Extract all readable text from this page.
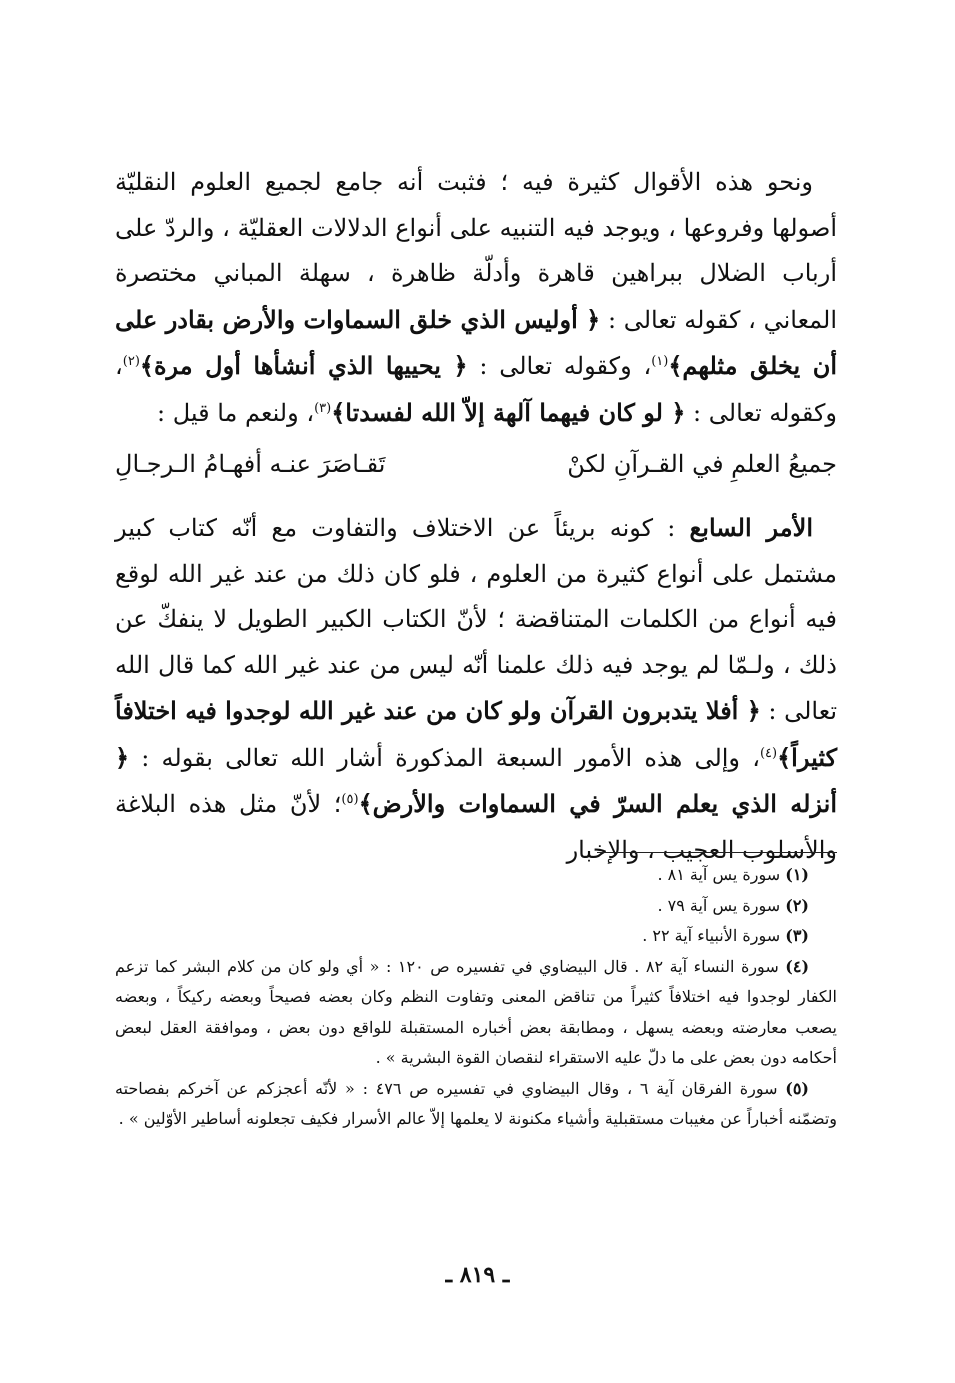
ونحو هذه الأقوال كثيرة فيه ؛ فثبت أنه جامع لجميع العلوم النقليّة أصولها وفروعها ، ويوجد فيه التنبيه على أنواع الدلالات العقليّة ، والردّ على أرباب الضلال ببراهين قاهرة وأدلّة ظاهرة ، سهلة المباني مختصرة المعاني ، كقوله تعالى : ﴿ أوليس الذي خلق السماوات والأرض بقادر على أن يخلق مثلهم﴾$^{(١)}$، وكقوله تعالى : ﴿ يحييها الذي أنشأها أول مرة﴾$^{(٢)}$، وكقوله تعالى : ﴿ لو كان فيهما آلهة إلاّ الله لفسدتا﴾$^{(٣)}$، ولنعم ما قيل :

جميعُ العلمِ في القـرآنِ لكنْ
تَقـاصَرَ عنـه أفهـامُ الـرجـالِ

الأمر السابع : كونه بريئاً عن الاختلاف والتفاوت مع أنّه كتاب كبير مشتمل على أنواع كثيرة من العلوم ، فلو كان ذلك من عند غير الله لوقع فيه أنواع من الكلمات المتناقضة ؛ لأنّ الكتاب الكبير الطويل لا ينفكّ عن ذلك ، ولـمّا لم يوجد فيه ذلك علمنا أنّه ليس من عند غير الله كما قال الله تعالى : ﴿ أفلا يتدبرون القرآن ولو كان من عند غير الله لوجدوا فيه اختلافاً كثيراً﴾$^{(٤)}$، وإلى هذه الأمور السبعة المذكورة أشار الله تعالى بقوله : ﴿ أنزله الذي يعلم السرّ في السماوات والأرض﴾$^{(٥)}$؛ لأنّ مثل هذه البلاغة والأسلوب العجيب ، والإخبار

(١) سورة يس آية ٨١ .

(٢) سورة يس آية ٧٩ .

(٣) سورة الأنبياء آية ٢٢ .

(٤) سورة النساء آية ٨٢ . قال البيضاوي في تفسيره ص ١٢٠ : « أي ولو كان من كلام البشر كما تزعم الكفار لوجدوا فيه اختلافاً كثيراً من تناقض المعنى وتفاوت النظم وكان بعضه فصيحاً وبعضه ركيكاً ، وبعضه يصعب معارضته وبعضه يسهل ، ومطابقة بعض أخباره المستقبلة للواقع دون بعض ، وموافقة العقل لبعض أحكامه دون بعض على ما دلّ عليه الاستقراء لنقصان القوة البشرية » .

(٥) سورة الفرقان آية ٦ ، وقال البيضاوي في تفسيره ص ٤٧٦ : « لأنّه أعجزكم عن آخركم بفصاحته وتضمّنه أخباراً عن مغيبات مستقبلية وأشياء مكنونة لا يعلمها إلاّ عالم الأسرار فكيف تجعلونه أساطير الأوّلين » .

ـ ٨١٩ ـ
